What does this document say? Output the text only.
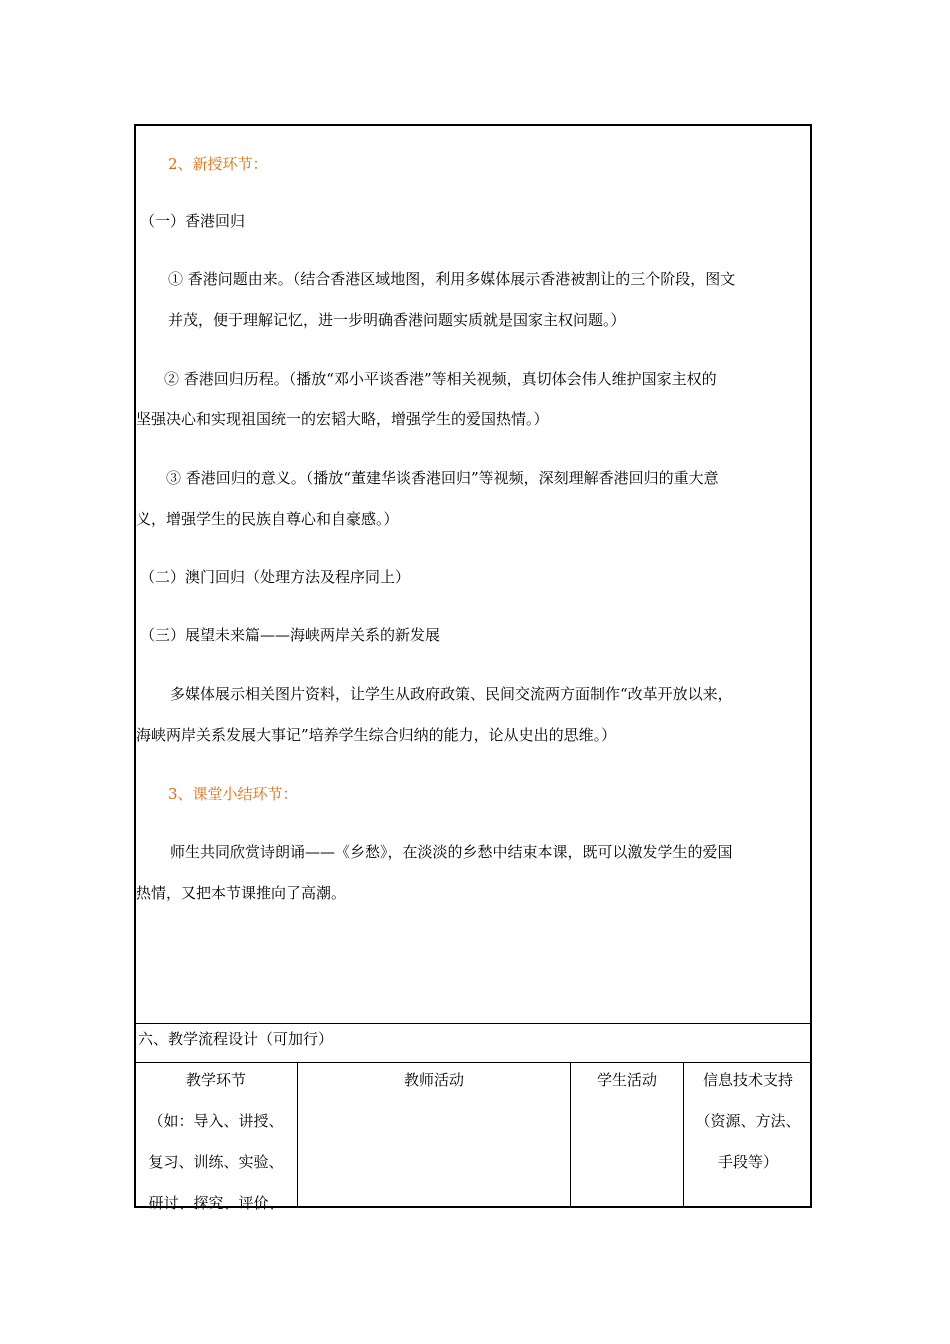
2、新授环节：
（一）香港回归
① 香港问题由来。（结合香港区域地图，利用多媒体展示香港被割让的三个阶段，图文
并茂，便于理解记忆，进一步明确香港问题实质就是国家主权问题。）
② 香港回归历程。（播放“邓小平谈香港”等相关视频，真切体会伟人维护国家主权的
坚强决心和实现祖国统一的宏韬大略，增强学生的爱国热情。）
③ 香港回归的意义。（播放“董建华谈香港回归”等视频，深刻理解香港回归的重大意
义，增强学生的民族自尊心和自豪感。）
（二）澳门回归（处理方法及程序同上）
（三）展望未来篇——海峡两岸关系的新发展
多媒体展示相关图片资料，让学生从政府政策、民间交流两方面制作“改革开放以来，
海峡两岸关系发展大事记”培养学生综合归纳的能力，论从史出的思维。）
3、课堂小结环节：
师生共同欣赏诗朗诵——《乡愁》，在淡淡的乡愁中结束本课，既可以激发学生的爱国
热情，又把本节课推向了高潮。
六、教学流程设计（可加行）
教学环节
（如：导入、讲授、
复习、训练、实验、
研讨、探究、评价、
教师活动	学生活动	信息技术支持
（资源、方法、
手段等）
